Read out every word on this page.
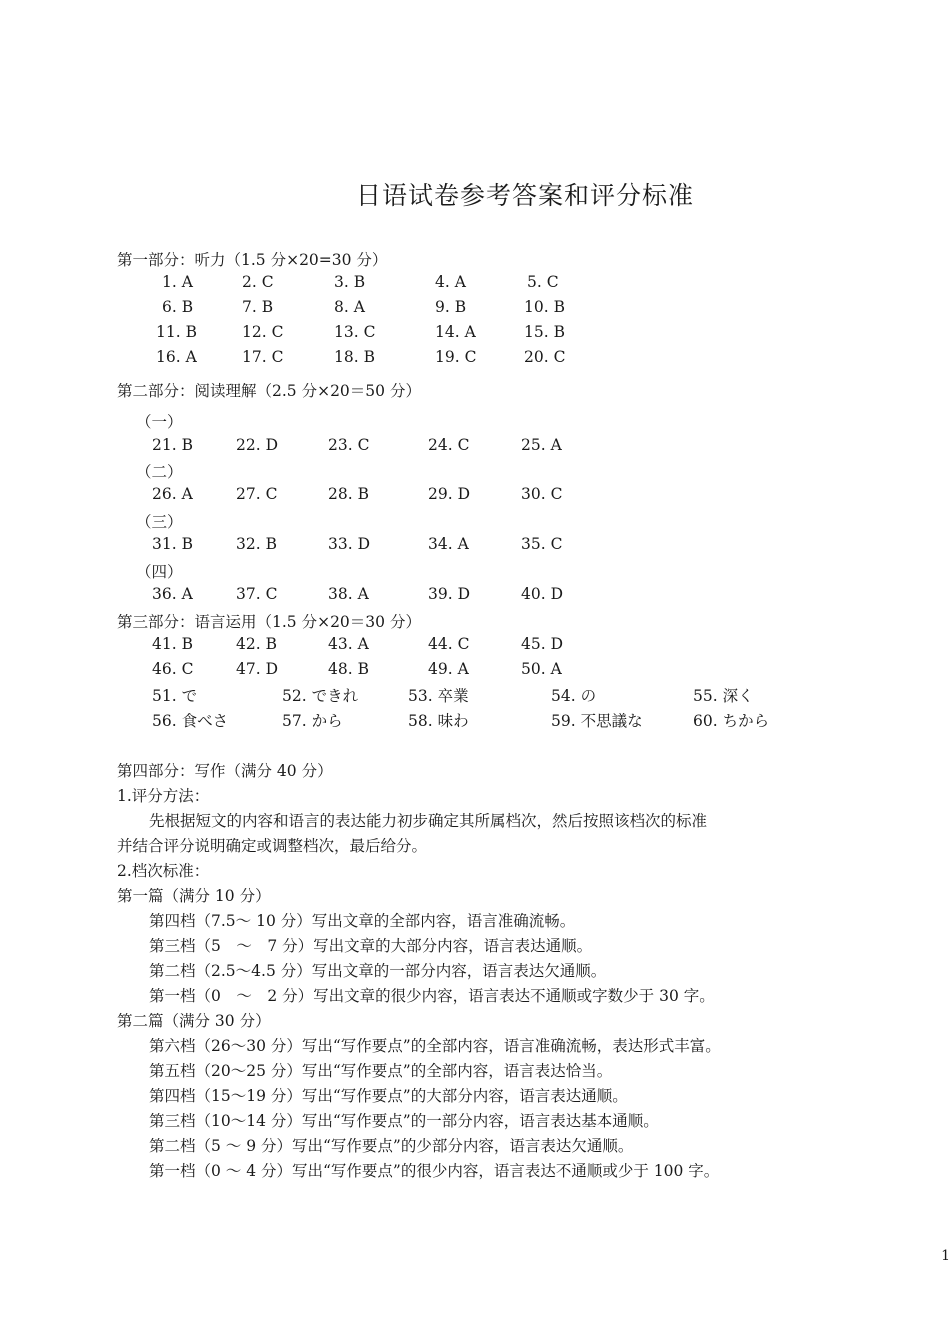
日语试卷参考答案和评分标准
第一部分：听力（1.5 分×20=30 分）
1. A	2. C	3. B	4. A	5. C
6. B	7. B	8. A	9. B	10. B
11. B	12. C	13. C	14. A	15. B
16. A	17. C	18. B	19. C	20. C
第二部分：阅读理解（2.5 分×20＝50 分）
（一）
21. B	22. D	23. C	24. C	25. A
（二）
26. A	27. C	28. B	29. D	30. C
（三）
31. B	32. B	33. D	34. A	35. C
（四）
36. A	37. C	38. A	39. D	40. D
第三部分：语言运用（1.5 分×20＝30 分）
41. B	42. B	43. A	44. C	45. D
46. C	47. D	48. B	49. A	50. A
51. で	52. できれ	53. 卒業	54. の	55. 深く
56. 食べさ	57. から	58. 味わ	59. 不思議な	60. ちから
第四部分：写作（满分 40 分）
1.评分方法：
先根据短文的内容和语言的表达能力初步确定其所属档次，然后按照该档次的标准
并结合评分说明确定或调整档次，最后给分。
2.档次标准：
第一篇（满分 10 分）
第四档（7.5～ 10 分）写出文章的全部内容，语言准确流畅。
第三档（5　～　7 分）写出文章的大部分内容，语言表达通顺。
第二档（2.5～4.5 分）写出文章的一部分内容，语言表达欠通顺。
第一档（0　～　2 分）写出文章的很少内容，语言表达不通顺或字数少于 30 字。
第二篇（满分 30 分）
第六档（26～30 分）写出“写作要点”的全部内容，语言准确流畅，表达形式丰富。
第五档（20～25 分）写出“写作要点”的全部内容，语言表达恰当。
第四档（15～19 分）写出“写作要点”的大部分内容，语言表达通顺。
第三档（10～14 分）写出“写作要点”的一部分内容，语言表达基本通顺。
第二档（5 ～ 9 分）写出“写作要点”的少部分内容，语言表达欠通顺。
第一档（0 ～ 4 分）写出“写作要点”的很少内容，语言表达不通顺或少于 100 字。
1
